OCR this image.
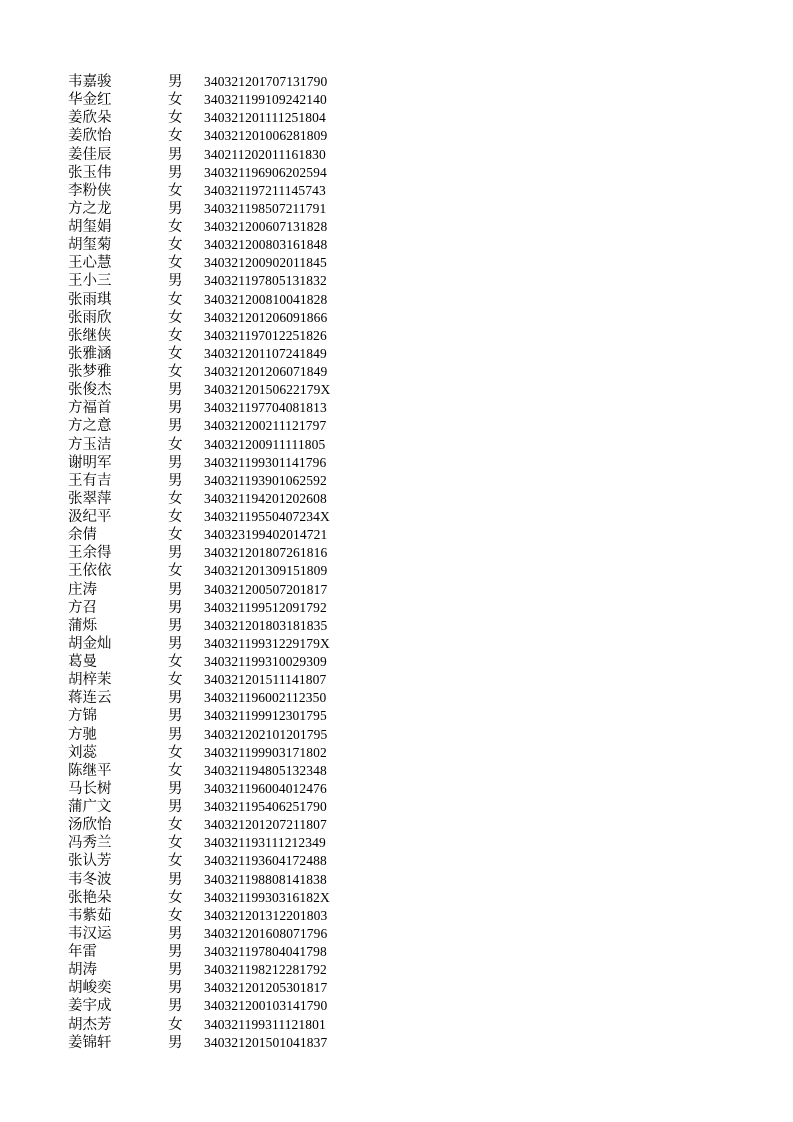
韦嘉骏	男	340321201707131790
华金红	女	340321199109242140
姜欣朵	女	340321201111251804
姜欣怡	女	340321201006281809
姜佳辰	男	340211202011161830
张玉伟	男	340321196906202594
李粉侠	女	340321197211145743
方之龙	男	340321198507211791
胡玺娟	女	340321200607131828
胡玺菊	女	340321200803161848
王心慧	女	340321200902011845
王小三	男	340321197805131832
张雨琪	女	340321200810041828
张雨欣	女	340321201206091866
张继侠	女	340321197012251826
张雅涵	女	340321201107241849
张梦雅	女	340321201206071849
张俊杰	男	34032120150622179X
方福首	男	340321197704081813
方之意	男	340321200211121797
方玉洁	女	340321200911111805
谢明军	男	340321199301141796
王有吉	男	340321193901062592
张翠萍	女	340321194201202608
汲纪平	女	34032119550407234X
余倩	女	340323199402014721
王余得	男	340321201807261816
王依依	女	340321201309151809
庄涛	男	340321200507201817
方召	男	340321199512091792
蒲烁	男	340321201803181835
胡金灿	男	34032119931229179X
葛曼	女	340321199310029309
胡梓茉	女	340321201511141807
蒋连云	男	340321196002112350
方锦	男	340321199912301795
方驰	男	340321202101201795
刘蕊	女	340321199903171802
陈继平	女	340321194805132348
马长树	男	340321196004012476
蒲广文	男	340321195406251790
汤欣怡	女	340321201207211807
冯秀兰	女	340321193111212349
张认芳	女	340321193604172488
韦冬波	男	340321198808141838
张艳朵	女	34032119930316182X
韦紫茹	女	340321201312201803
韦汉运	男	340321201608071796
年雷	男	340321197804041798
胡涛	男	340321198212281792
胡峻奕	男	340321201205301817
姜宇成	男	340321200103141790
胡杰芳	女	340321199311121801
姜锦轩	男	340321201501041837
